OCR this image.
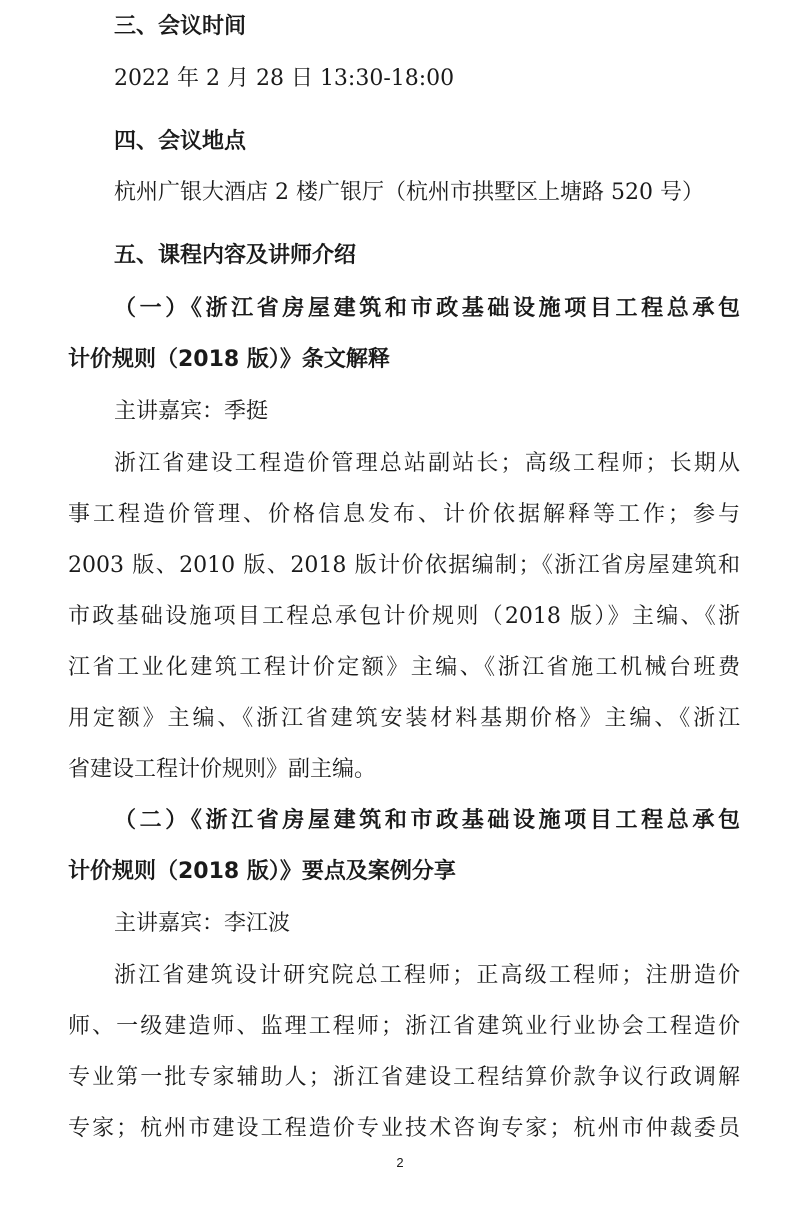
三、会议时间
2022 年 2 月 28 日 13:30-18:00
四、会议地点
杭州广银大酒店 2 楼广银厅（杭州市拱墅区上塘路 520 号）
五、课程内容及讲师介绍
（一）《浙江省房屋建筑和市政基础设施项目工程总承包
计价规则（2018 版）》条文解释
主讲嘉宾：季挺
浙江省建设工程造价管理总站副站长；高级工程师；长期从
事工程造价管理、价格信息发布、计价依据解释等工作；参与
2003 版、2010 版、2018 版计价依据编制；《浙江省房屋建筑和
市政基础设施项目工程总承包计价规则（2018 版）》主编、《浙
江省工业化建筑工程计价定额》主编、《浙江省施工机械台班费
用定额》主编、《浙江省建筑安装材料基期价格》主编、《浙江
省建设工程计价规则》副主编。
（二）《浙江省房屋建筑和市政基础设施项目工程总承包
计价规则（2018 版）》要点及案例分享
主讲嘉宾：李江波
浙江省建筑设计研究院总工程师；正高级工程师；注册造价
师、一级建造师、监理工程师；浙江省建筑业行业协会工程造价
专业第一批专家辅助人；浙江省建设工程结算价款争议行政调解
专家；杭州市建设工程造价专业技术咨询专家；杭州市仲裁委员
2
